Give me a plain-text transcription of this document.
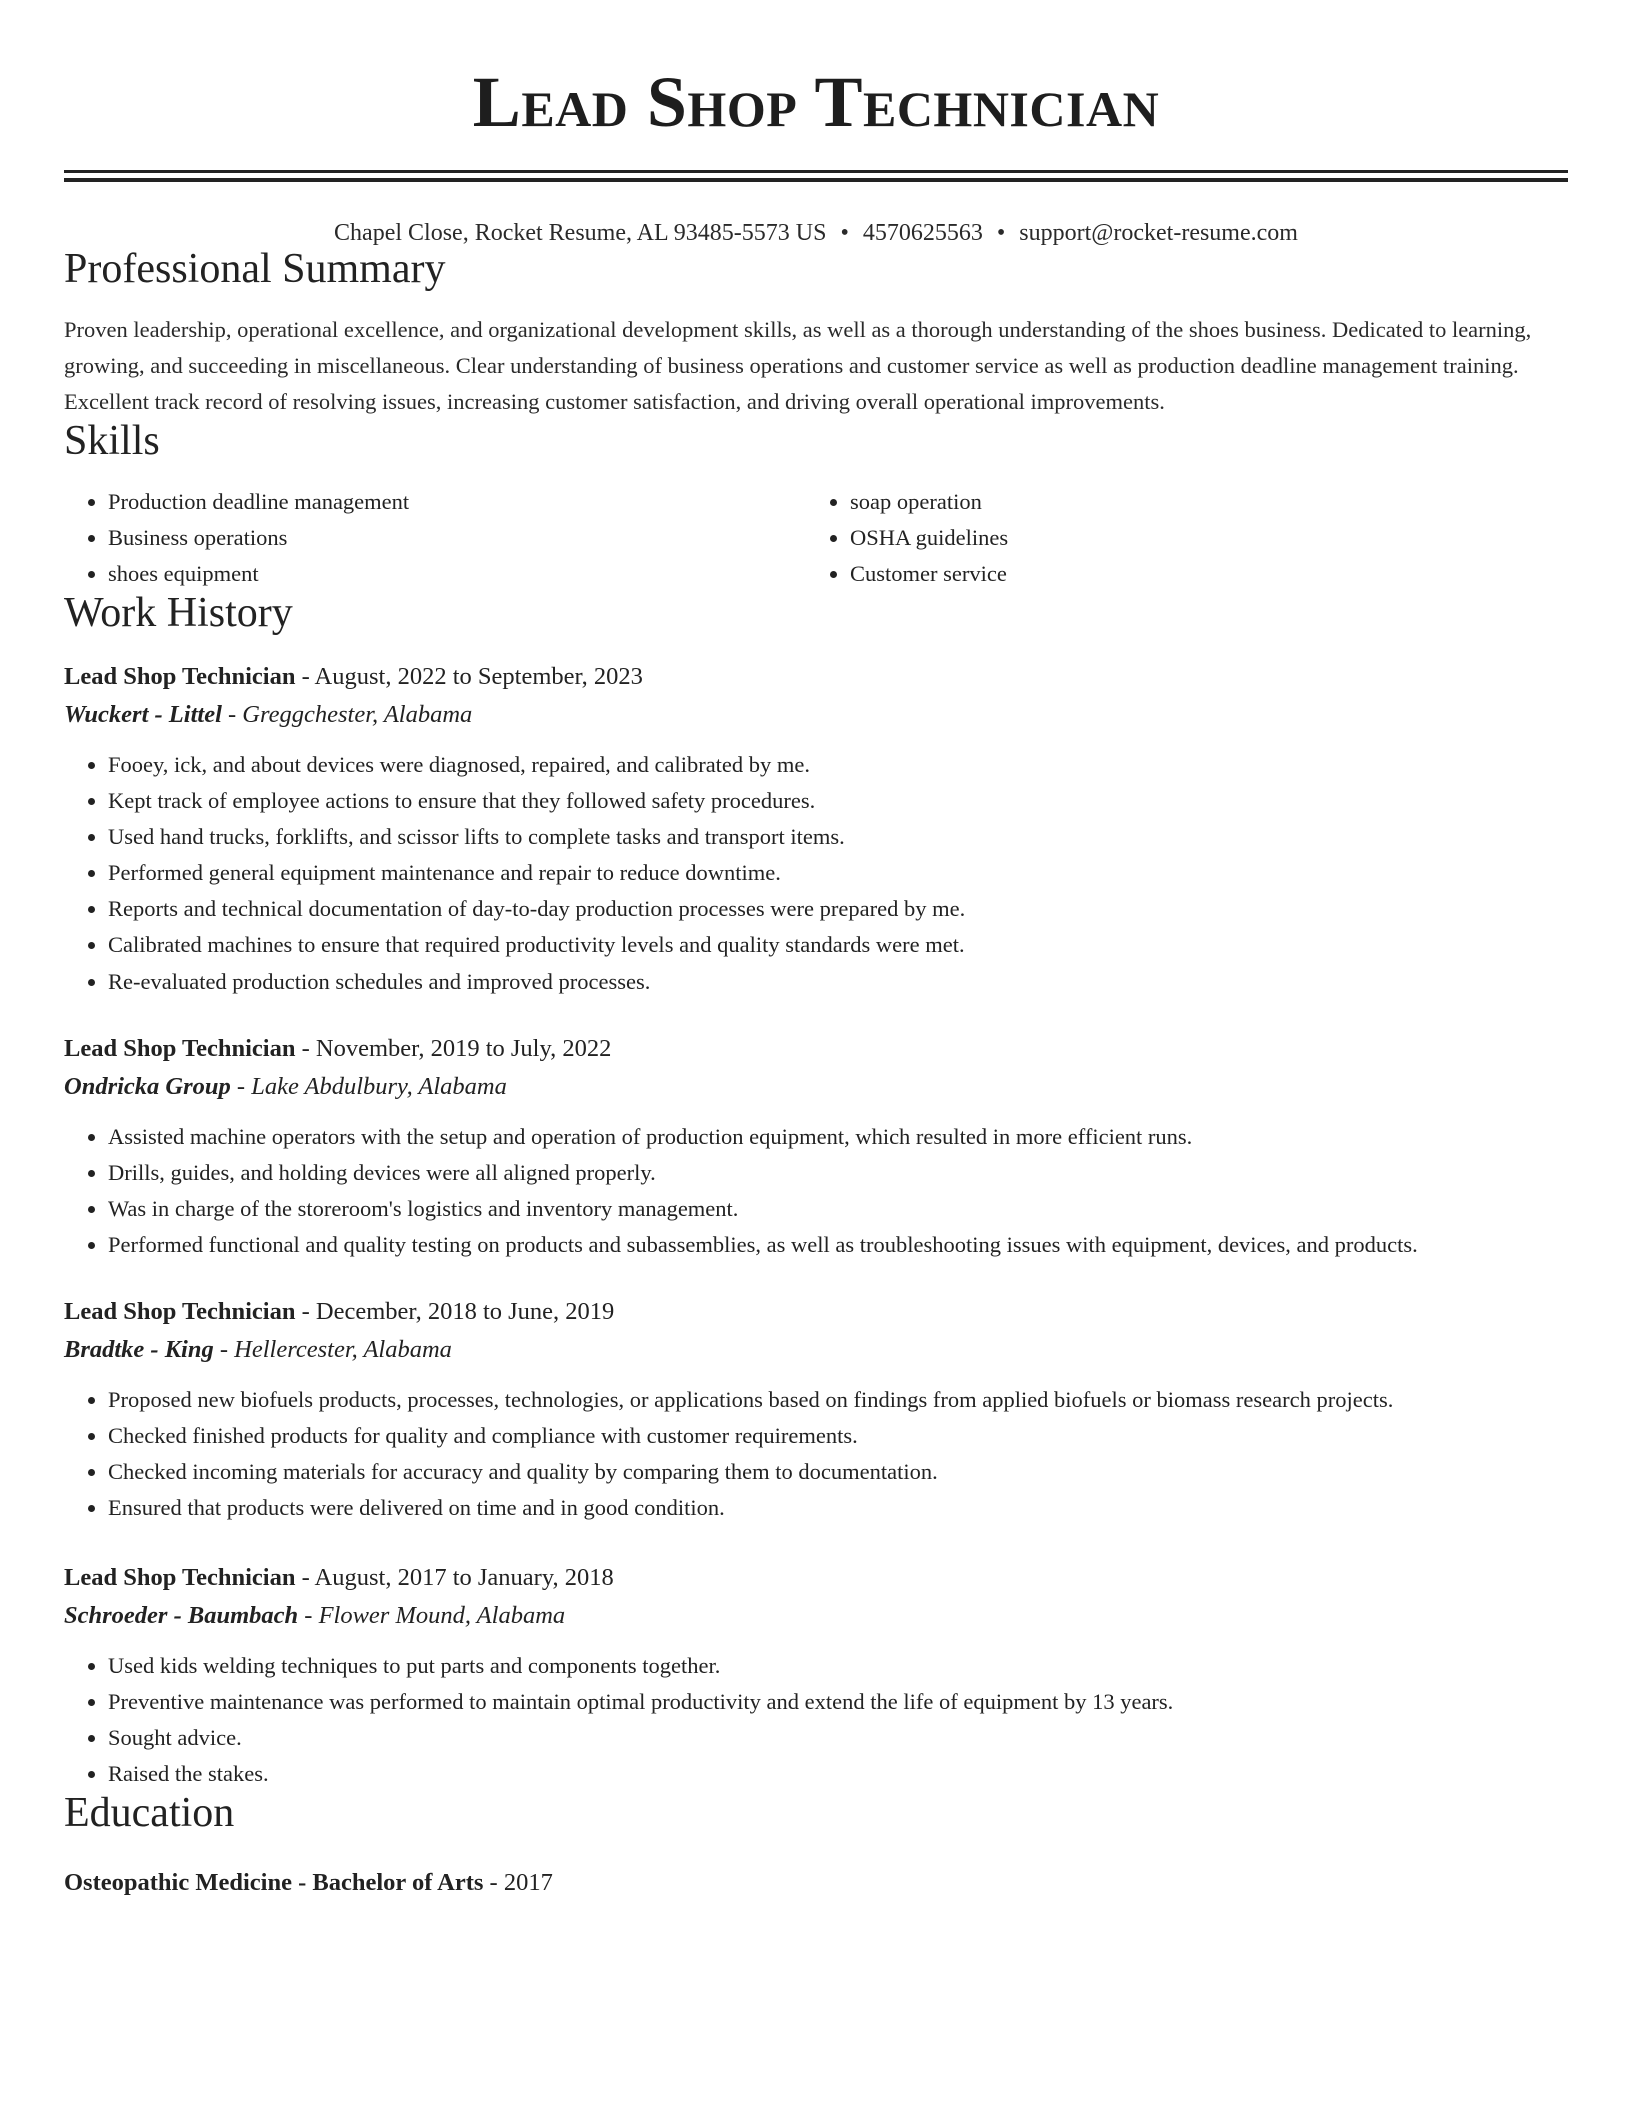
Lead Shop Technician
Chapel Close, Rocket Resume, AL 93485-5573 US • 4570625563 • support@rocket-resume.com
Professional Summary
Proven leadership, operational excellence, and organizational development skills, as well as a thorough understanding of the shoes business. Dedicated to learning, growing, and succeeding in miscellaneous. Clear understanding of business operations and customer service as well as production deadline management training. Excellent track record of resolving issues, increasing customer satisfaction, and driving overall operational improvements.
Skills
• Production deadline management
• Business operations
• shoes equipment
• soap operation
• OSHA guidelines
• Customer service
Work History
Lead Shop Technician - August, 2022 to September, 2023
Wuckert - Littel - Greggchester, Alabama
• Fooey, ick, and about devices were diagnosed, repaired, and calibrated by me.
• Kept track of employee actions to ensure that they followed safety procedures.
• Used hand trucks, forklifts, and scissor lifts to complete tasks and transport items.
• Performed general equipment maintenance and repair to reduce downtime.
• Reports and technical documentation of day-to-day production processes were prepared by me.
• Calibrated machines to ensure that required productivity levels and quality standards were met.
• Re-evaluated production schedules and improved processes.
Lead Shop Technician - November, 2019 to July, 2022
Ondricka Group - Lake Abdulbury, Alabama
• Assisted machine operators with the setup and operation of production equipment, which resulted in more efficient runs.
• Drills, guides, and holding devices were all aligned properly.
• Was in charge of the storeroom's logistics and inventory management.
• Performed functional and quality testing on products and subassemblies, as well as troubleshooting issues with equipment, devices, and products.
Lead Shop Technician - December, 2018 to June, 2019
Bradtke - King - Hellercester, Alabama
• Proposed new biofuels products, processes, technologies, or applications based on findings from applied biofuels or biomass research projects.
• Checked finished products for quality and compliance with customer requirements.
• Checked incoming materials for accuracy and quality by comparing them to documentation.
• Ensured that products were delivered on time and in good condition.
Lead Shop Technician - August, 2017 to January, 2018
Schroeder - Baumbach - Flower Mound, Alabama
• Used kids welding techniques to put parts and components together.
• Preventive maintenance was performed to maintain optimal productivity and extend the life of equipment by 13 years.
• Sought advice.
• Raised the stakes.
Education
Osteopathic Medicine - Bachelor of Arts - 2017
